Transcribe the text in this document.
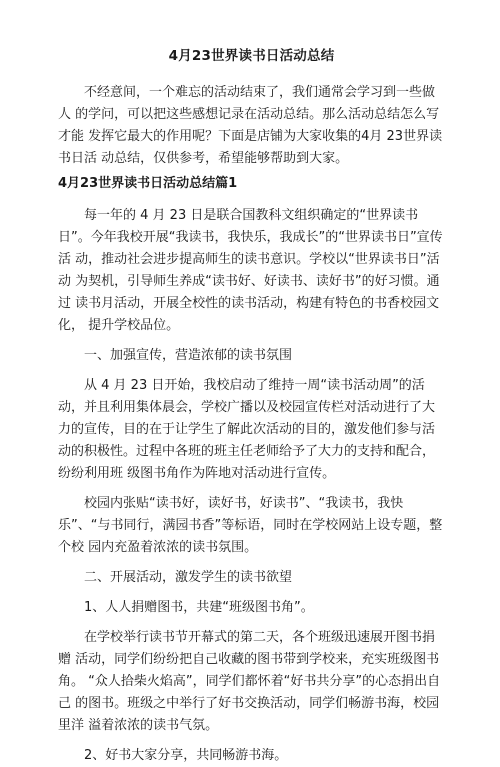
4月23世界读书日活动总结

　　不经意间，一个难忘的活动结束了，我们通常会学习到一些做人 的学问，可以把这些感想记录在活动总结。那么活动总结怎么写才能 发挥它最大的作用呢？下面是店铺为大家收集的4月 23世界读书日活 动总结，仅供参考，希望能够帮助到大家。

4月23世界读书日活动总结篇1

　　每一年的 4 月 23 日是联合国教科文组织确定的“世界读书日”。今年我校开展“我读书，我快乐，我成长”的“世界读书日”宣传活 动，推动社会进步提高师生的读书意识。学校以“世界读书日”活动 为契机，引导师生养成“读书好、好读书、读好书”的好习惯。通过 读书月活动，开展全校性的读书活动，构建有特色的书香校园文化， 提升学校品位。

　　一、加强宣传，营造浓郁的读书氛围

　　从 4 月 23 日开始，我校启动了维持一周“读书活动周”的活动，并且利用集体晨会，学校广播以及校园宣传栏对活动进行了大力的宣传，目的在于让学生了解此次活动的目的，激发他们参与活动的积极性。过程中各班的班主任老师给予了大力的支持和配合，纷纷利用班 级图书角作为阵地对活动进行宣传。

　　校园内张贴“读书好，读好书，好读书”、“我读书，我快乐”、“与书同行，满园书香”等标语，同时在学校网站上设专题，整个校 园内充盈着浓浓的读书氛围。

　　二、开展活动，激发学生的读书欲望

　　1、人人捐赠图书，共建“班级图书角”。

　　在学校举行读书节开幕式的第二天，各个班级迅速展开图书捐赠 活动，同学们纷纷把自己收藏的图书带到学校来，充实班级图书角。 “众人拾柴火焰高”，同学们都怀着“好书共分享”的心态捐出自己 的图书。班级之中举行了好书交换活动，同学们畅游书海，校园里洋 溢着浓浓的读书气氛。

　　2、好书大家分享，共同畅游书海。
